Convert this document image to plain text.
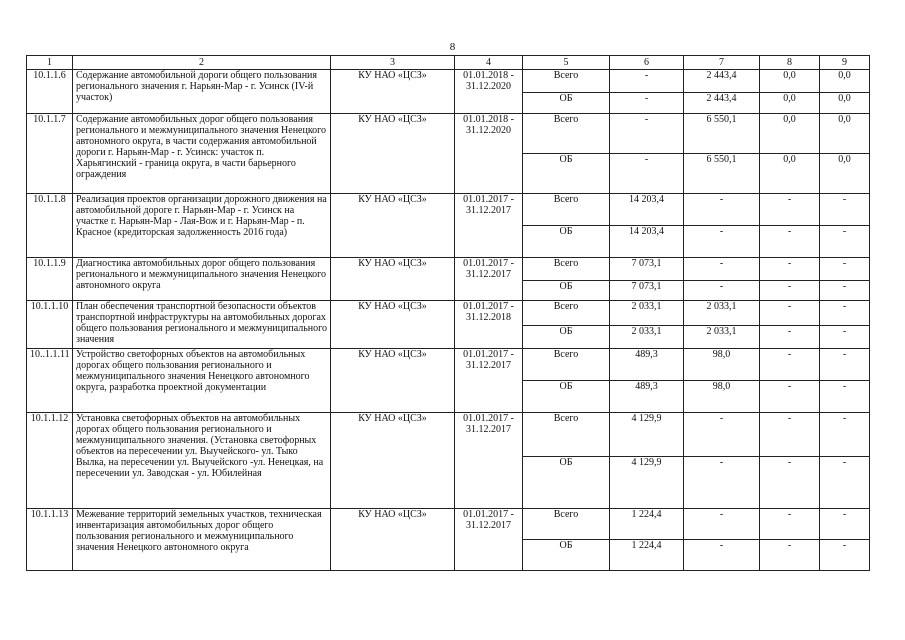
8
1	2	3	4	5	6	7	8	9
10.1.1.6	Содержание автомобильной дороги общего пользования регионального значения г. Нарьян-Мар - г. Усинск (IV-й участок)	КУ НАО «ЦСЗ»	01.01.2018 - 31.12.2020	Всего	-	2 443,4	0,0	0,0
				ОБ	-	2 443,4	0,0	0,0
10.1.1.7	Содержание автомобильных дорог общего пользования регионального и межмуниципального значения Ненецкого автономного округа, в части содержания автомобильной дороги г. Нарьян-Мар - г. Усинск: участок п. Харьягинский - граница округа, в части барьерного ограждения	КУ НАО «ЦСЗ»	01.01.2018 - 31.12.2020	Всего	-	6 550,1	0,0	0,0
				ОБ	-	6 550,1	0,0	0,0
10.1.1.8	Реализация проектов организации дорожного движения на автомобильной дороге г. Нарьян-Мар - г. Усинск на участке г. Нарьян-Мар - Лая-Вож и г. Нарьян-Мар - п. Красное (кредиторская задолженность 2016 года)	КУ НАО «ЦСЗ»	01.01.2017 - 31.12.2017	Всего	14 203,4	-	-	-
				ОБ	14 203,4	-	-	-
10.1.1.9	Диагностика автомобильных дорог общего пользования регионального и межмуниципального значения Ненецкого автономного округа	КУ НАО «ЦСЗ»	01.01.2017 - 31.12.2017	Всего	7 073,1	-	-	-
				ОБ	7 073,1	-	-	-
10.1.1.10	План обеспечения транспортной безопасности объектов транспортной инфраструктуры на автомобильных дорогах общего пользования регионального и межмуниципального значения	КУ НАО «ЦСЗ»	01.01.2017 - 31.12.2018	Всего	2 033,1	2 033,1	-	-
				ОБ	2 033,1	2 033,1	-	-
10..1.1.11	Устройство светофорных объектов на автомобильных дорогах общего пользования регионального и межмуниципального значения Ненецкого автономного округа, разработка проектной документации	КУ НАО «ЦСЗ»	01.01.2017 - 31.12.2017	Всего	489,3	98,0	-	-
				ОБ	489,3	98,0	-	-
10.1.1.12	Установка светофорных объектов на автомобильных дорогах общего пользования регионального и межмуниципального значения. (Установка светофорных объектов на пересечении ул. Выучейского- ул. Тыко Вылка, на пересечении ул. Выучейского -ул. Ненецкая, на пересечении ул. Заводская - ул. Юбилейная	КУ НАО «ЦСЗ»	01.01.2017 - 31.12.2017	Всего	4 129,9	-	-	-
				ОБ	4 129,9	-	-	-
10.1.1.13	Межевание территорий земельных участков, техническая инвентаризация автомобильных дорог общего пользования регионального и межмуниципального значения Ненецкого автономного округа	КУ НАО «ЦСЗ»	01.01.2017 - 31.12.2017	Всего	1 224,4	-	-	-
				ОБ	1 224,4	-	-	-
